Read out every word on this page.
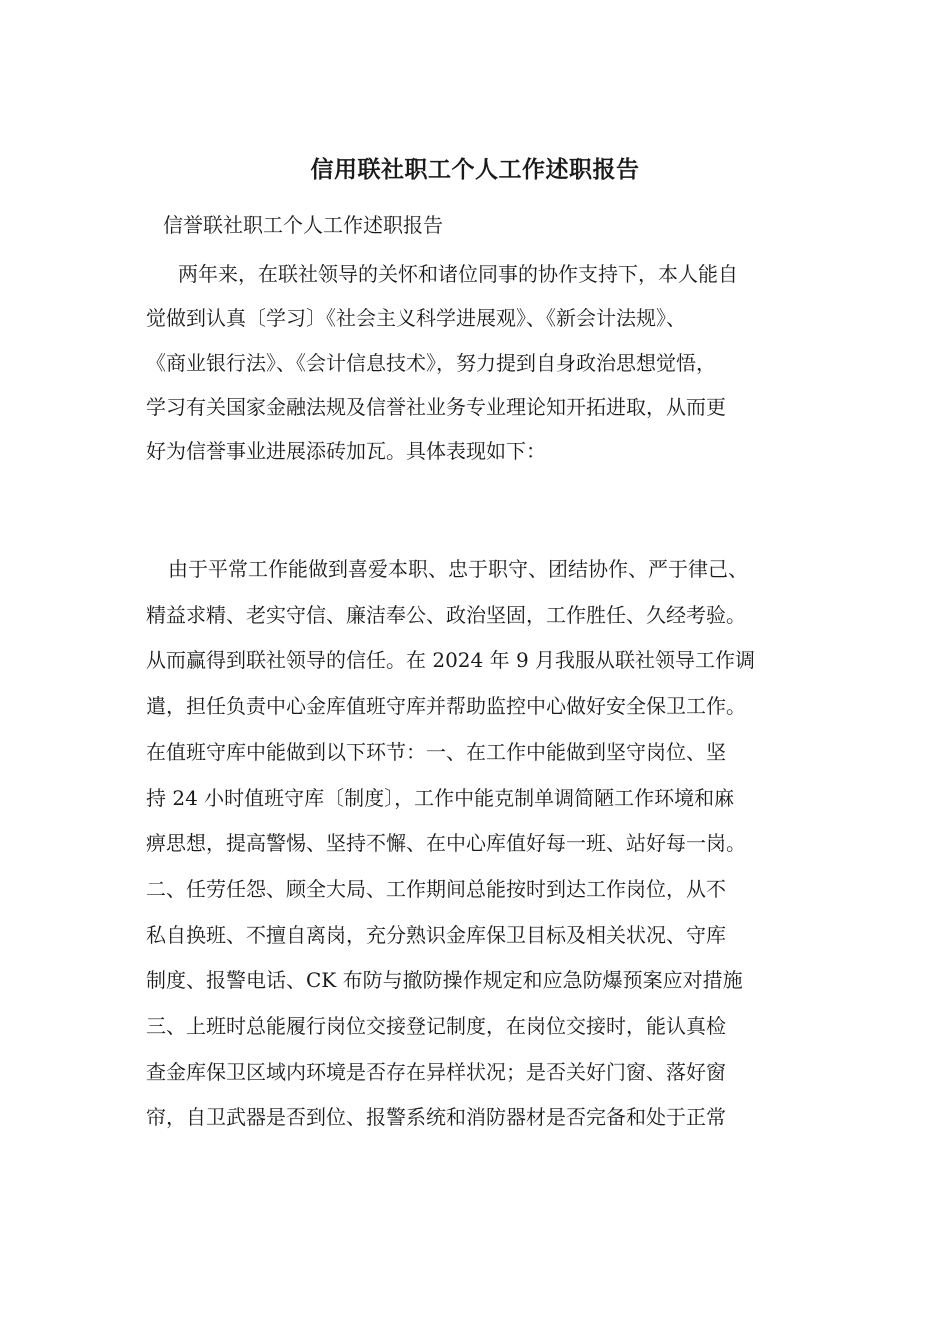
信用联社职工个人工作述职报告
信誉联社职工个人工作述职报告
两年来，在联社领导的关怀和诸位同事的协作支持下，本人能自
觉做到认真〔学习〕《社会主义科学进展观》、《新会计法规》、
《商业银行法》、《会计信息技术》，努力提到自身政治思想觉悟，
学习有关国家金融法规及信誉社业务专业理论知开拓进取，从而更
好为信誉事业进展添砖加瓦。具体表现如下：
由于平常工作能做到喜爱本职、忠于职守、团结协作、严于律己、
精益求精、老实守信、廉洁奉公、政治坚固，工作胜任、久经考验。
从而赢得到联社领导的信任。在 2024 年 9 月我服从联社领导工作调
遣，担任负责中心金库值班守库并帮助监控中心做好安全保卫工作。
在值班守库中能做到以下环节：一、在工作中能做到坚守岗位、坚
持 24 小时值班守库〔制度〕，工作中能克制单调简陋工作环境和麻
痹思想，提高警惕、坚持不懈、在中心库值好每一班、站好每一岗。
二、任劳任怨、顾全大局、工作期间总能按时到达工作岗位，从不
私自换班、不擅自离岗，充分熟识金库保卫目标及相关状况、守库
制度、报警电话、CK 布防与撤防操作规定和应急防爆预案应对措施
三、上班时总能履行岗位交接登记制度，在岗位交接时，能认真检
查金库保卫区域内环境是否存在异样状况；是否关好门窗、落好窗
帘，自卫武器是否到位、报警系统和消防器材是否完备和处于正常
